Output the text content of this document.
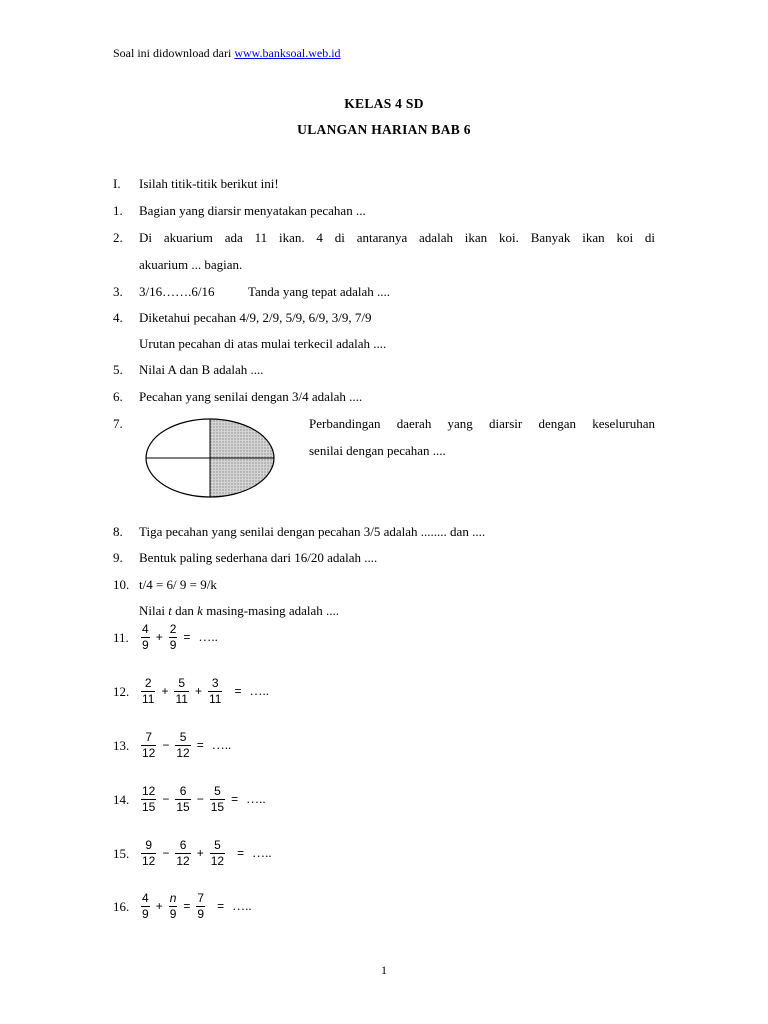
Soal ini didownload dari www.banksoal.web.id
KELAS 4 SD
ULANGAN HARIAN BAB 6
I. Isilah titik-titik berikut ini!
1. Bagian yang diarsir menyatakan pecahan ...
2. Di akuarium ada 11 ikan. 4 di antaranya adalah ikan koi. Banyak ikan koi di
akuarium ... bagian.
3. 3/16…….6/16	Tanda yang tepat adalah ....
4. Diketahui pecahan 4/9, 2/9, 5/9, 6/9, 3/9, 7/9
Urutan pecahan di atas mulai terkecil adalah ....
5. Nilai A dan B adalah ....
6. Pecahan yang senilai dengan 3/4 adalah ....
7.	Perbandingan daerah yang diarsir dengan keseluruhan
senilai dengan pecahan ....
8. Tiga pecahan yang senilai dengan pecahan 3/5 adalah ........ dan ....
9. Bentuk paling sederhana dari 16/20 adalah ....
10. t/4 = 6/ 9 = 9/k
Nilai t dan k masing-masing adalah ....
11. $\frac{4}{9} + \frac{2}{9}$ = …..
12. $\frac{2}{11} + \frac{5}{11} + \frac{3}{11}$ = …..
13. $\frac{7}{12} - \frac{5}{12}$ = …..
14. $\frac{12}{15} - \frac{6}{15} - \frac{5}{15}$ = …..
15. $\frac{9}{12} - \frac{6}{12} + \frac{5}{12}$ = …..
16. $\frac{4}{9} + \frac{n}{9} = \frac{7}{9}$ = …..
1
